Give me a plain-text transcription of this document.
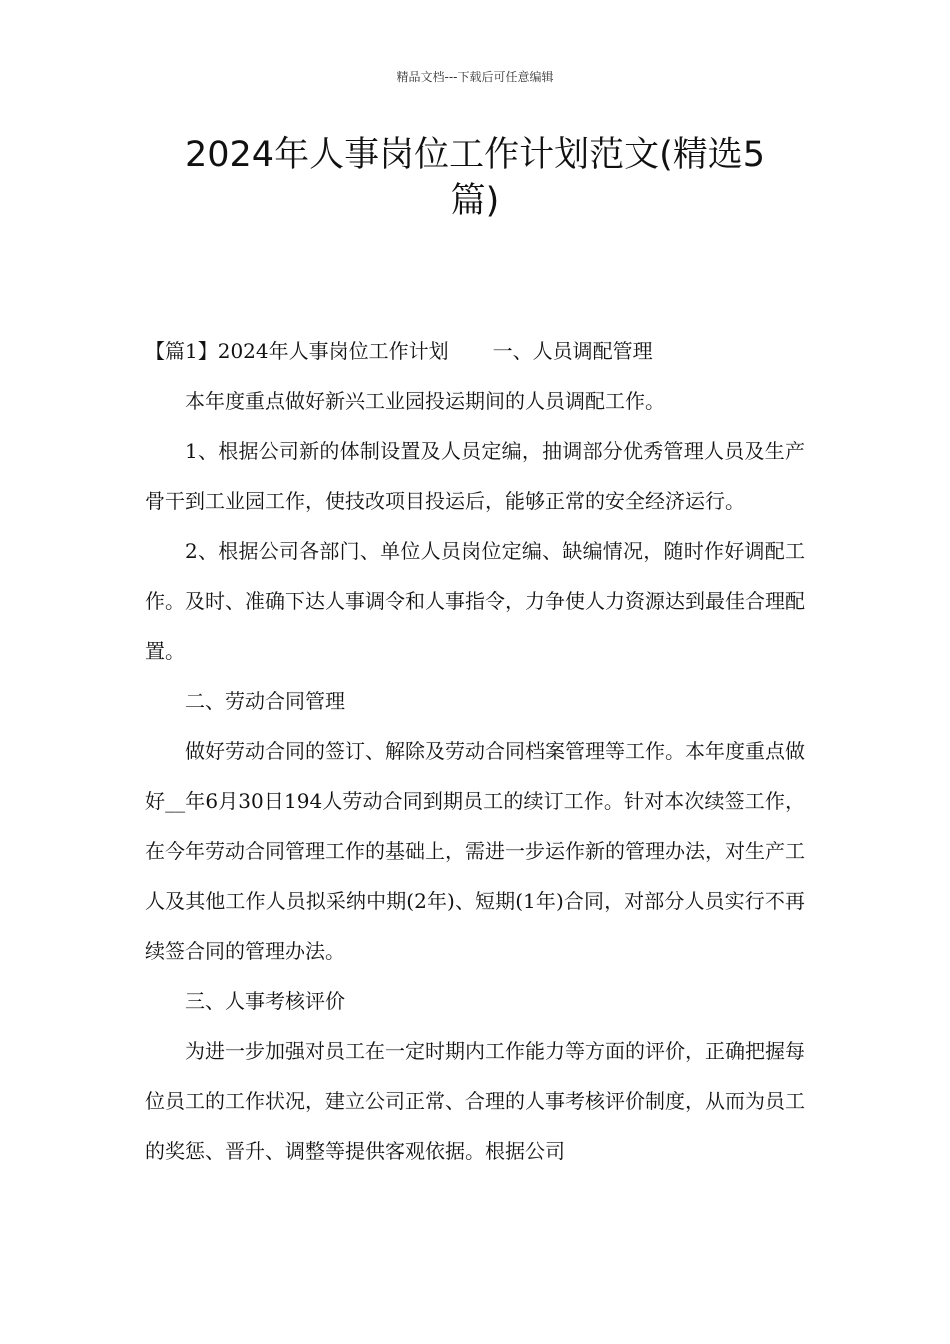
精品文档---下载后可任意编辑
2024年人事岗位工作计划范文(精选5
篇)

【篇1】2024年人事岗位工作计划 一、人员调配管理

本年度重点做好新兴工业园投运期间的人员调配工作。

1、根据公司新的体制设置及人员定编，抽调部分优秀管理人员及生产骨干到工业园工作，使技改项目投运后，能够正常的安全经济运行。

2、根据公司各部门、单位人员岗位定编、缺编情况，随时作好调配工作。及时、准确下达人事调令和人事指令，力争使人力资源达到最佳合理配置。

二、劳动合同管理

做好劳动合同的签订、解除及劳动合同档案管理等工作。本年度重点做好__年6月30日194人劳动合同到期员工的续订工作。针对本次续签工作，在今年劳动合同管理工作的基础上，需进一步运作新的管理办法，对生产工人及其他工作人员拟采纳中期(2年)、短期(1年)合同，对部分人员实行不再续签合同的管理办法。

三、人事考核评价

为进一步加强对员工在一定时期内工作能力等方面的评价，正确把握每位员工的工作状况，建立公司正常、合理的人事考核评价制度，从而为员工的奖惩、晋升、调整等提供客观依据。根据公司
